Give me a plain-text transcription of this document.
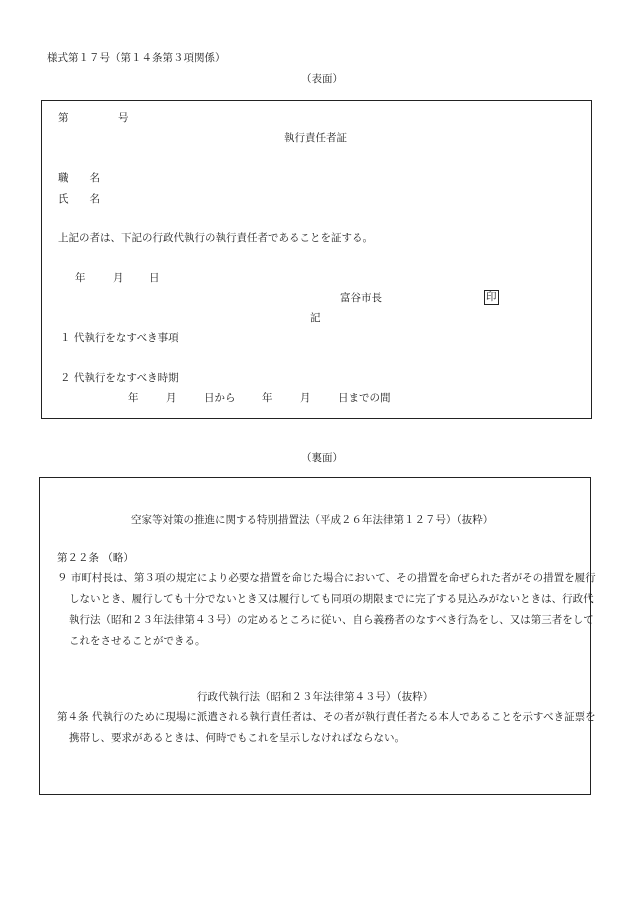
様式第１７号（第１４条第３項関係）
（表面）
第	号
執行責任者証
職　　名
氏　　名
上記の者は、下記の行政代執行の執行責任者であることを証する。
年	月 日
富谷市長	印
記
１ 代執行をなすべき事項
２ 代執行をなすべき時期
年	月	日から	年	月	日までの間
（裏面）
空家等対策の推進に関する特別措置法（平成２６年法律第１２７号）（抜粋）
第２２条 （略）
９ 市町村長は、第３項の規定により必要な措置を命じた場合において、その措置を命ぜられた者がその措置を履行しないとき、履行しても十分でないとき又は履行しても同項の期限までに完了する見込みがないときは、行政代執行法（昭和２３年法律第４３号）の定めるところに従い、自ら義務者のなすべき行為をし、又は第三者をしてこれをさせることができる。
行政代執行法（昭和２３年法律第４３号）（抜粋）
第４条 代執行のために現場に派遣される執行責任者は、その者が執行責任者たる本人であることを示すべき証票を携帯し、要求があるときは、何時でもこれを呈示しなければならない。
